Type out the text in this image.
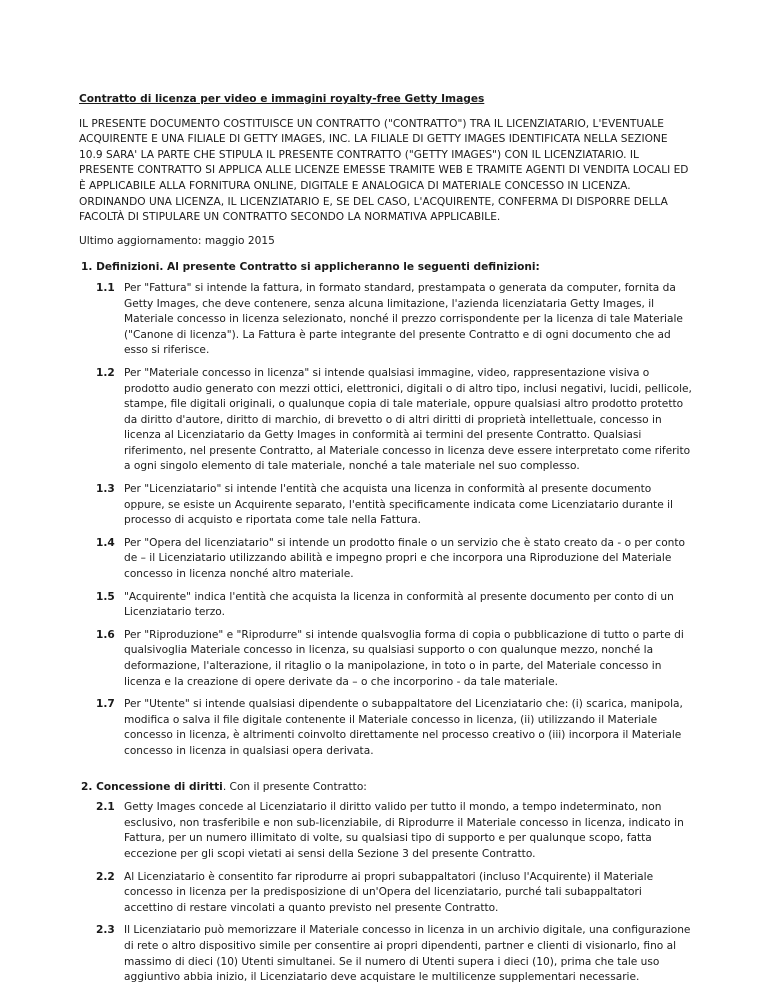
Contratto di licenza per video e immagini royalty-free Getty Images
IL PRESENTE DOCUMENTO COSTITUISCE UN CONTRATTO ("CONTRATTO") TRA IL LICENZIATARIO, L'EVENTUALE ACQUIRENTE E UNA FILIALE DI GETTY IMAGES, INC. LA FILIALE DI GETTY IMAGES IDENTIFICATA NELLA SEZIONE 10.9 SARA' LA PARTE CHE STIPULA IL PRESENTE CONTRATTO ("GETTY IMAGES") CON IL LICENZIATARIO. IL PRESENTE CONTRATTO SI APPLICA ALLE LICENZE EMESSE TRAMITE WEB E TRAMITE AGENTI DI VENDITA LOCALI ED È APPLICABILE ALLA FORNITURA ONLINE, DIGITALE E ANALOGICA DI MATERIALE CONCESSO IN LICENZA. ORDINANDO UNA LICENZA, IL LICENZIATARIO E, SE DEL CASO, L'ACQUIRENTE, CONFERMA DI DISPORRE DELLA FACOLTÀ DI STIPULARE UN CONTRATTO SECONDO LA NORMATIVA APPLICABILE.
Ultimo aggiornamento: maggio 2015
1. Definizioni. Al presente Contratto si applicheranno le seguenti definizioni:
1.1 Per "Fattura" si intende la fattura, in formato standard, prestampata o generata da computer, fornita da Getty Images, che deve contenere, senza alcuna limitazione, l'azienda licenziataria Getty Images, il Materiale concesso in licenza selezionato, nonché il prezzo corrispondente per la licenza di tale Materiale ("Canone di licenza"). La Fattura è parte integrante del presente Contratto e di ogni documento che ad esso si riferisce.
1.2 Per "Materiale concesso in licenza" si intende qualsiasi immagine, video, rappresentazione visiva o prodotto audio generato con mezzi ottici, elettronici, digitali o di altro tipo, inclusi negativi, lucidi, pellicole, stampe, file digitali originali, o qualunque copia di tale materiale, oppure qualsiasi altro prodotto protetto da diritto d'autore, diritto di marchio, di brevetto o di altri diritti di proprietà intellettuale, concesso in licenza al Licenziatario da Getty Images in conformità ai termini del presente Contratto. Qualsiasi riferimento, nel presente Contratto, al Materiale concesso in licenza deve essere interpretato come riferito a ogni singolo elemento di tale materiale, nonché a tale materiale nel suo complesso.
1.3 Per "Licenziatario" si intende l'entità che acquista una licenza in conformità al presente documento oppure, se esiste un Acquirente separato, l'entità specificamente indicata come Licenziatario durante il processo di acquisto e riportata come tale nella Fattura.
1.4 Per "Opera del licenziatario" si intende un prodotto finale o un servizio che è stato creato da - o per conto de – il Licenziatario utilizzando abilità e impegno propri e che incorpora una Riproduzione del Materiale concesso in licenza nonché altro materiale.
1.5 "Acquirente" indica l'entità che acquista la licenza in conformità al presente documento per conto di un Licenziatario terzo.
1.6 Per "Riproduzione" e "Riprodurre" si intende qualsvoglia forma di copia o pubblicazione di tutto o parte di qualsivoglia Materiale concesso in licenza, su qualsiasi supporto o con qualunque mezzo, nonché la deformazione, l'alterazione, il ritaglio o la manipolazione, in toto o in parte, del Materiale concesso in licenza e la creazione di opere derivate da – o che incorporino - da tale materiale.
1.7 Per "Utente" si intende qualsiasi dipendente o subappaltatore del Licenziatario che: (i) scarica, manipola, modifica o salva il file digitale contenente il Materiale concesso in licenza, (ii) utilizzando il Materiale concesso in licenza, è altrimenti coinvolto direttamente nel processo creativo o (iii) incorpora il Materiale concesso in licenza in qualsiasi opera derivata.
2. Concessione di diritti. Con il presente Contratto:
2.1 Getty Images concede al Licenziatario il diritto valido per tutto il mondo, a tempo indeterminato, non esclusivo, non trasferibile e non sub-licenziabile, di Riprodurre il Materiale concesso in licenza, indicato in Fattura, per un numero illimitato di volte, su qualsiasi tipo di supporto e per qualunque scopo, fatta eccezione per gli scopi vietati ai sensi della Sezione 3 del presente Contratto.
2.2 Al Licenziatario è consentito far riprodurre ai propri subappaltatori (incluso l'Acquirente) il Materiale concesso in licenza per la predisposizione di un'Opera del licenziatario, purché tali subappaltatori accettino di restare vincolati a quanto previsto nel presente Contratto.
2.3 Il Licenziatario può memorizzare il Materiale concesso in licenza in un archivio digitale, una configurazione di rete o altro dispositivo simile per consentire ai propri dipendenti, partner e clienti di visionarlo, fino al massimo di dieci (10) Utenti simultanei. Se il numero di Utenti supera i dieci (10), prima che tale uso aggiuntivo abbia inizio, il Licenziatario deve acquistare le multilicenze supplementari necessarie.
